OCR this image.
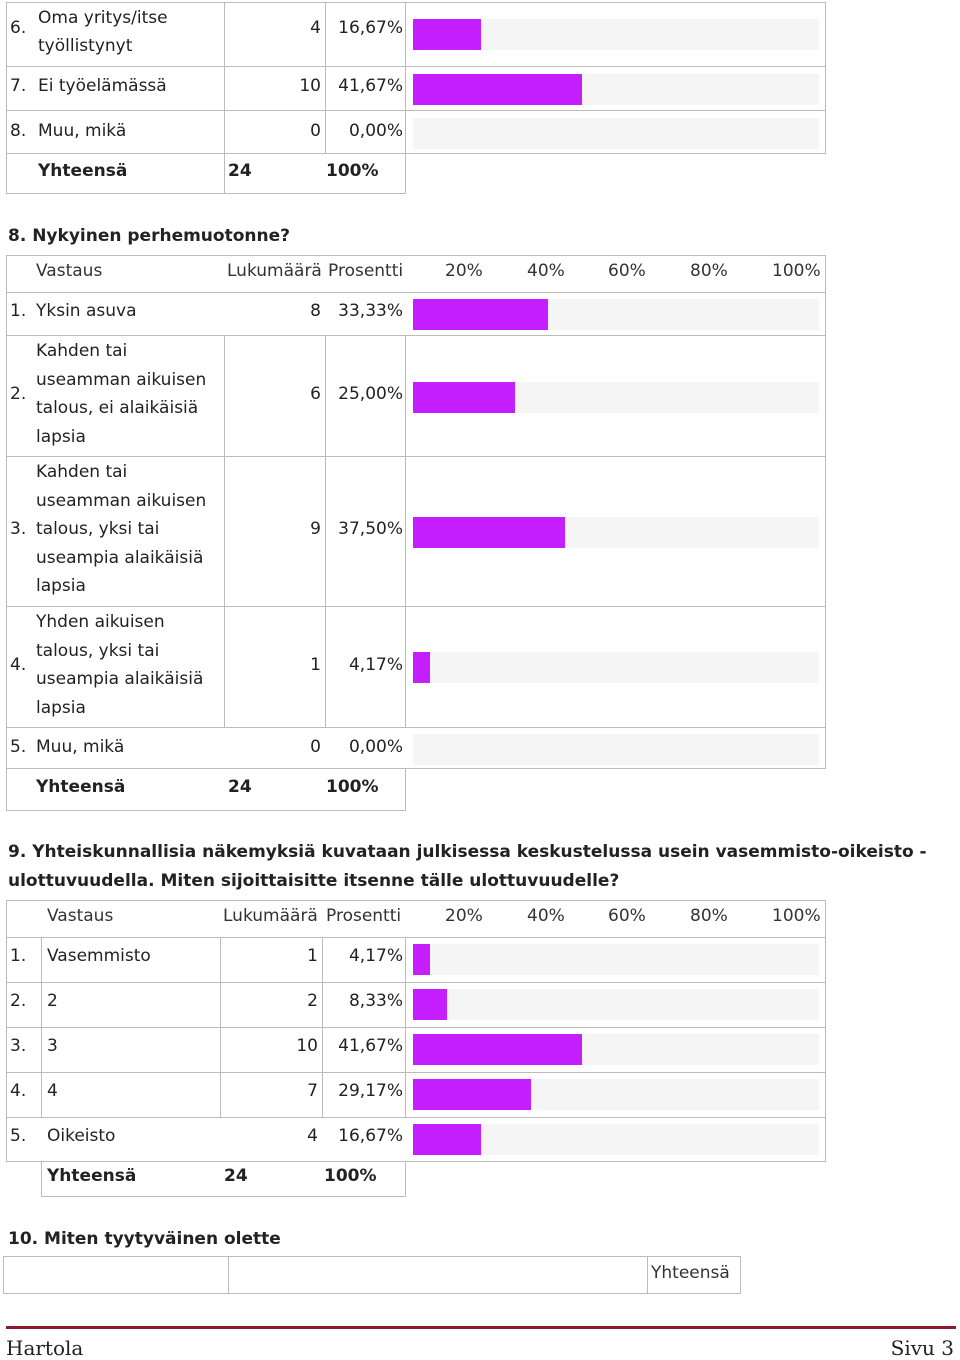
6. Oma yritys/itse
työllistynyt
4	16,67%
7. Ei työelämässä	10	41,67%
8. Muu, mikä	0	0,00%
Yhteensä	24	100%
8. Nykyinen perhemuotonne?
Vastaus	Lukumäärä Prosentti 20%	40%	60%	80%	100%
1. Yksin asuva	8	33,33%
2.
Kahden tai
useamman aikuisen
talous, ei alaikäisiä
lapsia
6	25,00%
3.
Kahden tai
useamman aikuisen
talous, yksi tai
useampia alaikäisiä
lapsia
9	37,50%
4.
Yhden aikuisen
talous, yksi tai
useampia alaikäisiä
lapsia
1	4,17%
5. Muu, mikä	0	0,00%
Yhteensä	24	100%
9. Yhteiskunnallisia näkemyksiä kuvataan julkisessa keskustelussa usein vasemmisto-oikeisto -
ulottuvuudella. Miten sijoittaisitte itsenne tälle ulottuvuudelle?
Vastaus	Lukumäärä Prosentti	20%	40%	60%	80%	100%
1. Vasemmisto	1	4,17%
2. 2	2	8,33%
3. 3	10	41,67%
4. 4	7	29,17%
5. Oikeisto	4	16,67%
Yhteensä	24	100%
10. Miten tyytyväinen olette
Yhteensä
Hartola	Sivu 3
